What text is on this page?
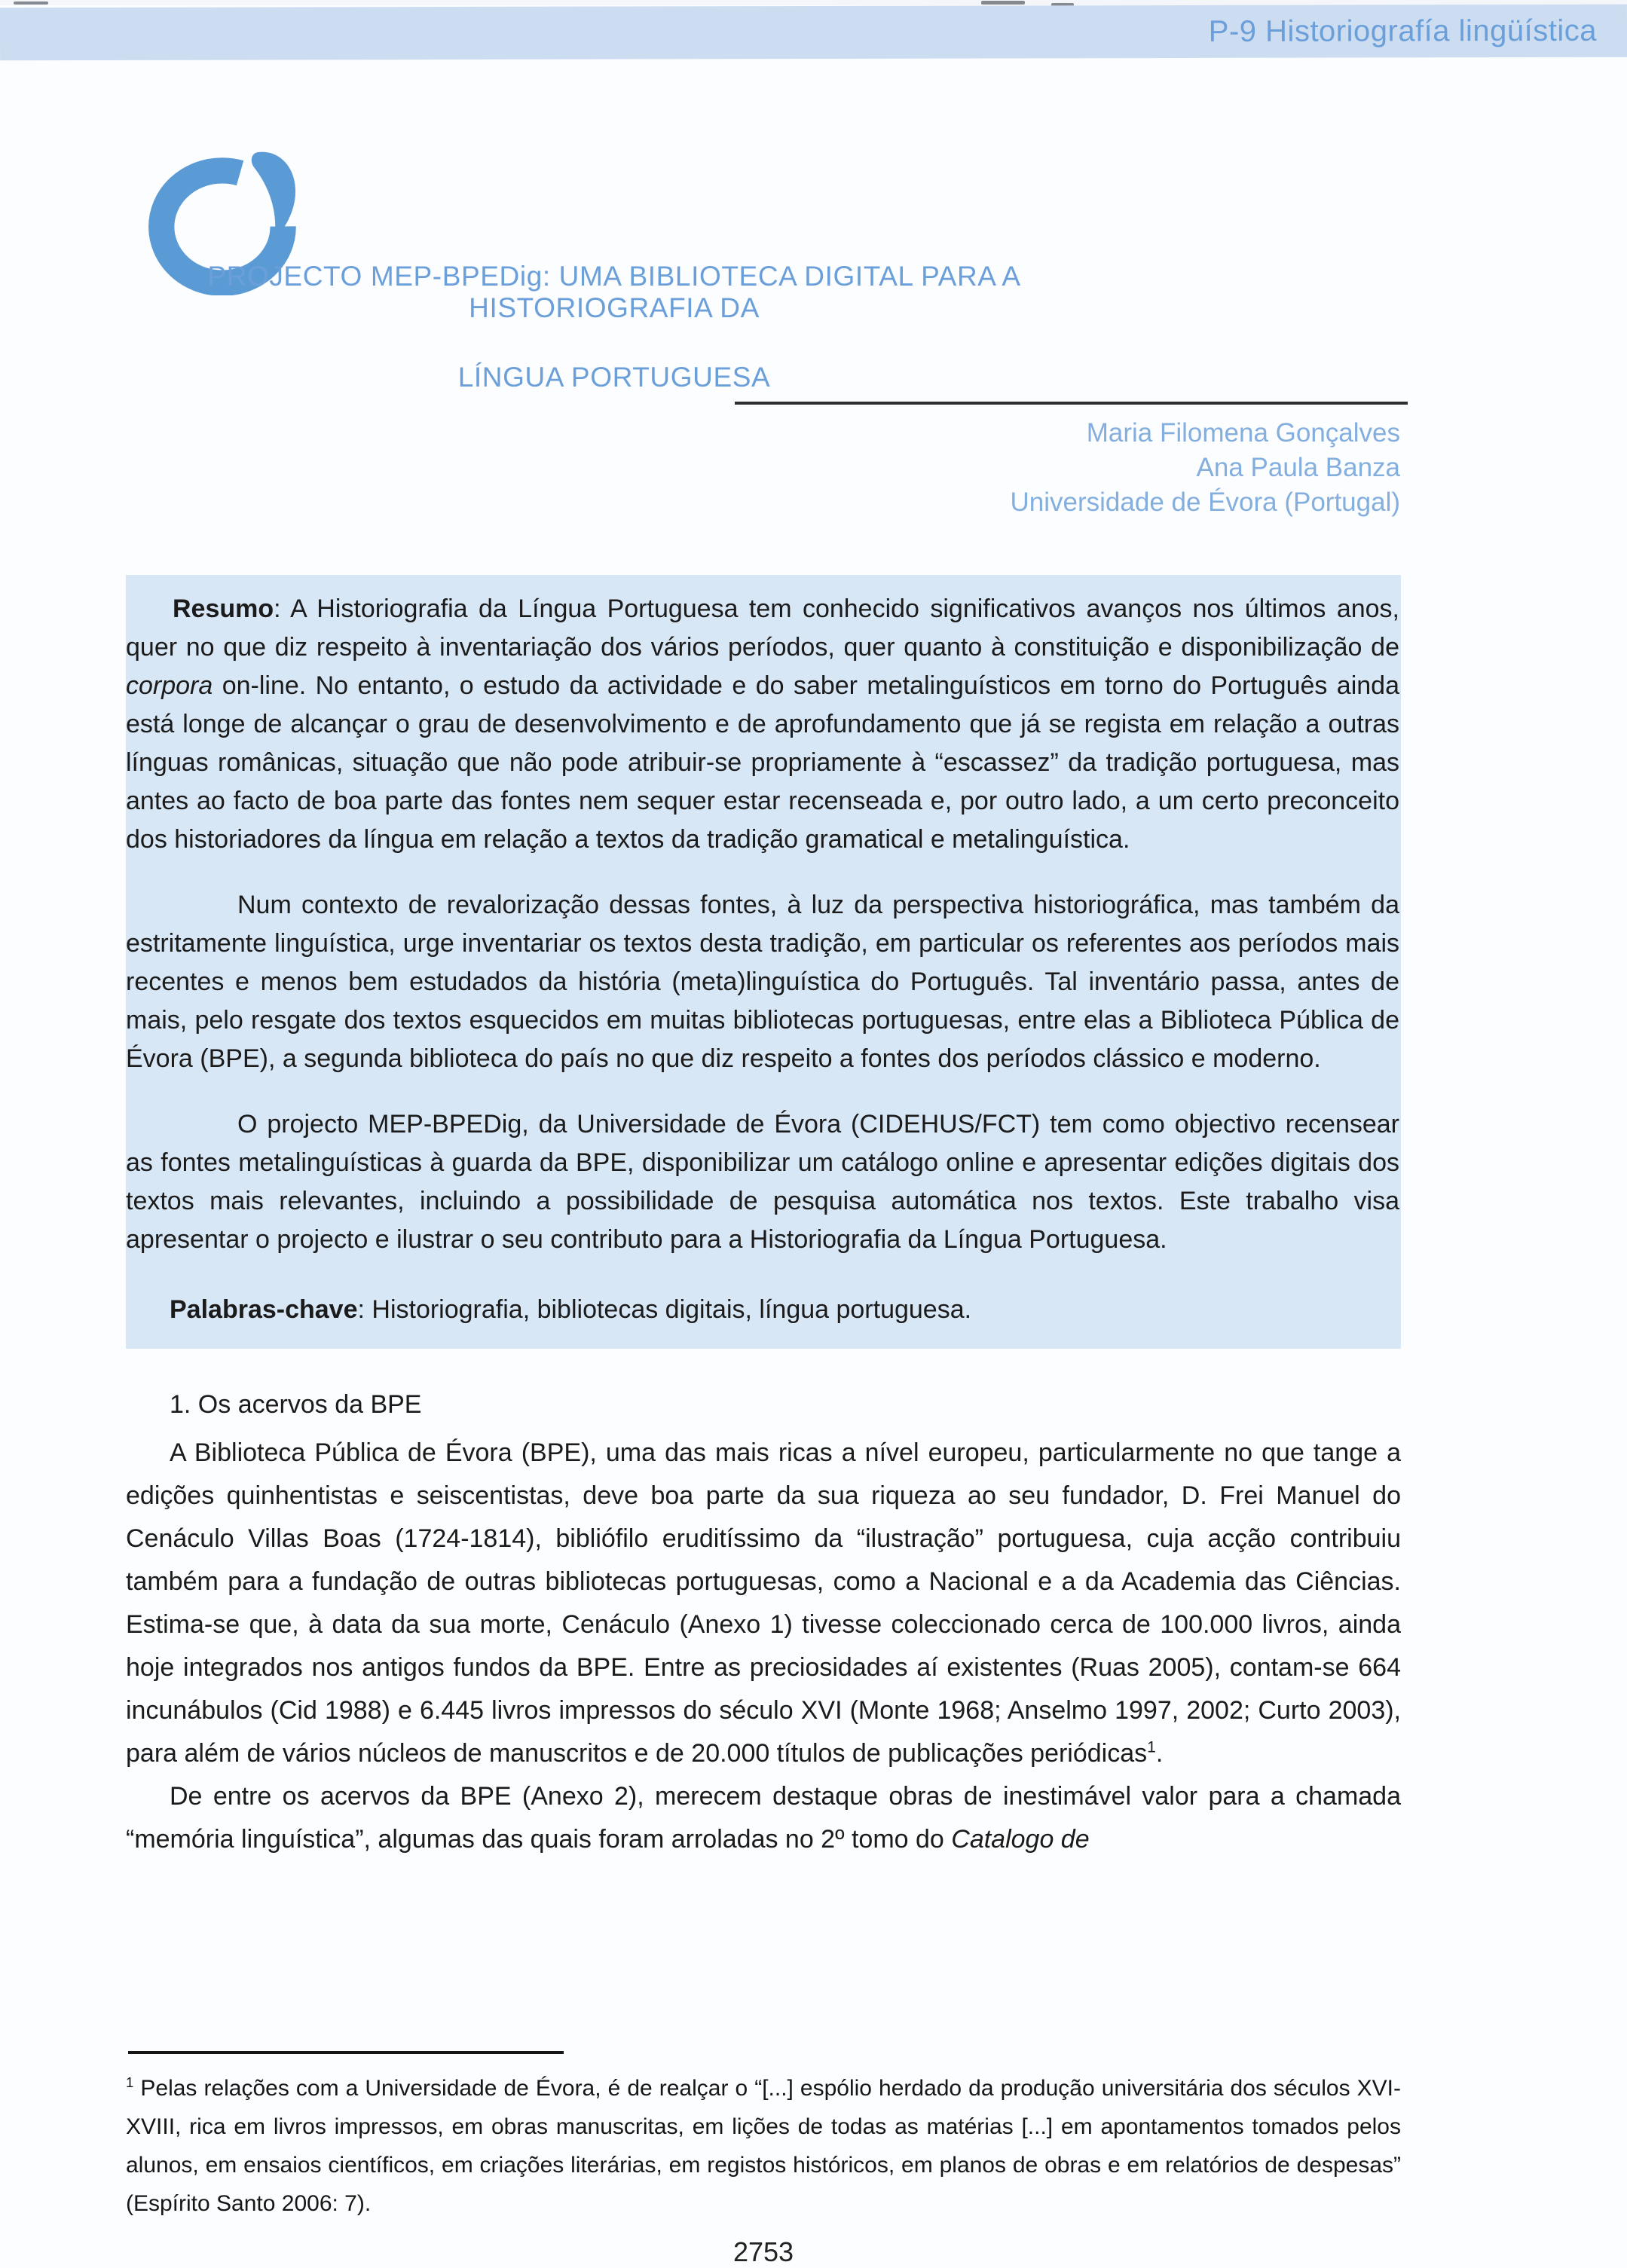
P-9 Historiografía lingüística
PROJECTO MEP-BPEDig: UMA BIBLIOTECA DIGITAL PARA A HISTORIOGRAFIA DA
LÍNGUA PORTUGUESA
Maria Filomena Gonçalves
Ana Paula Banza
Universidade de Évora (Portugal)

Resumo: A Historiografia da Língua Portuguesa tem conhecido significativos avanços nos últimos anos, quer no que diz respeito à inventariação dos vários períodos, quer quanto à constituição e disponibilização de corpora on-line. No entanto, o estudo da actividade e do saber metalinguísticos em torno do Português ainda está longe de alcançar o grau de desenvolvimento e de aprofundamento que já se regista em relação a outras línguas românicas, situação que não pode atribuir-se propriamente à “escassez” da tradição portuguesa, mas antes ao facto de boa parte das fontes nem sequer estar recenseada e, por outro lado, a um certo preconceito dos historiadores da língua em relação a textos da tradição gramatical e metalinguística.

Num contexto de revalorização dessas fontes, à luz da perspectiva historiográfica, mas também da estritamente linguística, urge inventariar os textos desta tradição, em particular os referentes aos períodos mais recentes e menos bem estudados da história (meta)linguística do Português. Tal inventário passa, antes de mais, pelo resgate dos textos esquecidos em muitas bibliotecas portuguesas, entre elas a Biblioteca Pública de Évora (BPE), a segunda biblioteca do país no que diz respeito a fontes dos períodos clássico e moderno.

O projecto MEP-BPEDig, da Universidade de Évora (CIDEHUS/FCT) tem como objectivo recensear as fontes metalinguísticas à guarda da BPE, disponibilizar um catálogo online e apresentar edições digitais dos textos mais relevantes, incluindo a possibilidade de pesquisa automática nos textos. Este trabalho visa apresentar o projecto e ilustrar o seu contributo para a Historiografia da Língua Portuguesa.

Palabras-chave: Historiografia, bibliotecas digitais, língua portuguesa.

1. Os acervos da BPE

A Biblioteca Pública de Évora (BPE), uma das mais ricas a nível europeu, particularmente no que tange a edições quinhentistas e seiscentistas, deve boa parte da sua riqueza ao seu fundador, D. Frei Manuel do Cenáculo Villas Boas (1724-1814), bibliófilo eruditíssimo da “ilustração” portuguesa, cuja acção contribuiu também para a fundação de outras bibliotecas portuguesas, como a Nacional e a da Academia das Ciências. Estima-se que, à data da sua morte, Cenáculo (Anexo 1) tivesse coleccionado cerca de 100.000 livros, ainda hoje integrados nos antigos fundos da BPE. Entre as preciosidades aí existentes (Ruas 2005), contam-se 664 incunábulos (Cid 1988) e 6.445 livros impressos do século XVI (Monte 1968; Anselmo 1997, 2002; Curto 2003), para além de vários núcleos de manuscritos e de 20.000 títulos de publicações periódicas$^1$.

De entre os acervos da BPE (Anexo 2), merecem destaque obras de inestimável valor para a chamada “memória linguística”, algumas das quais foram arroladas no 2º tomo do Catalogo de

$^1$ Pelas relações com a Universidade de Évora, é de realçar o “[...] espólio herdado da produção universitária dos séculos XVI-XVIII, rica em livros impressos, em obras manuscritas, em lições de todas as matérias [...] em apontamentos tomados pelos alunos, em ensaios científicos, em criações literárias, em registos históricos, em planos de obras e em relatórios de despesas” (Espírito Santo 2006: 7).
2753
